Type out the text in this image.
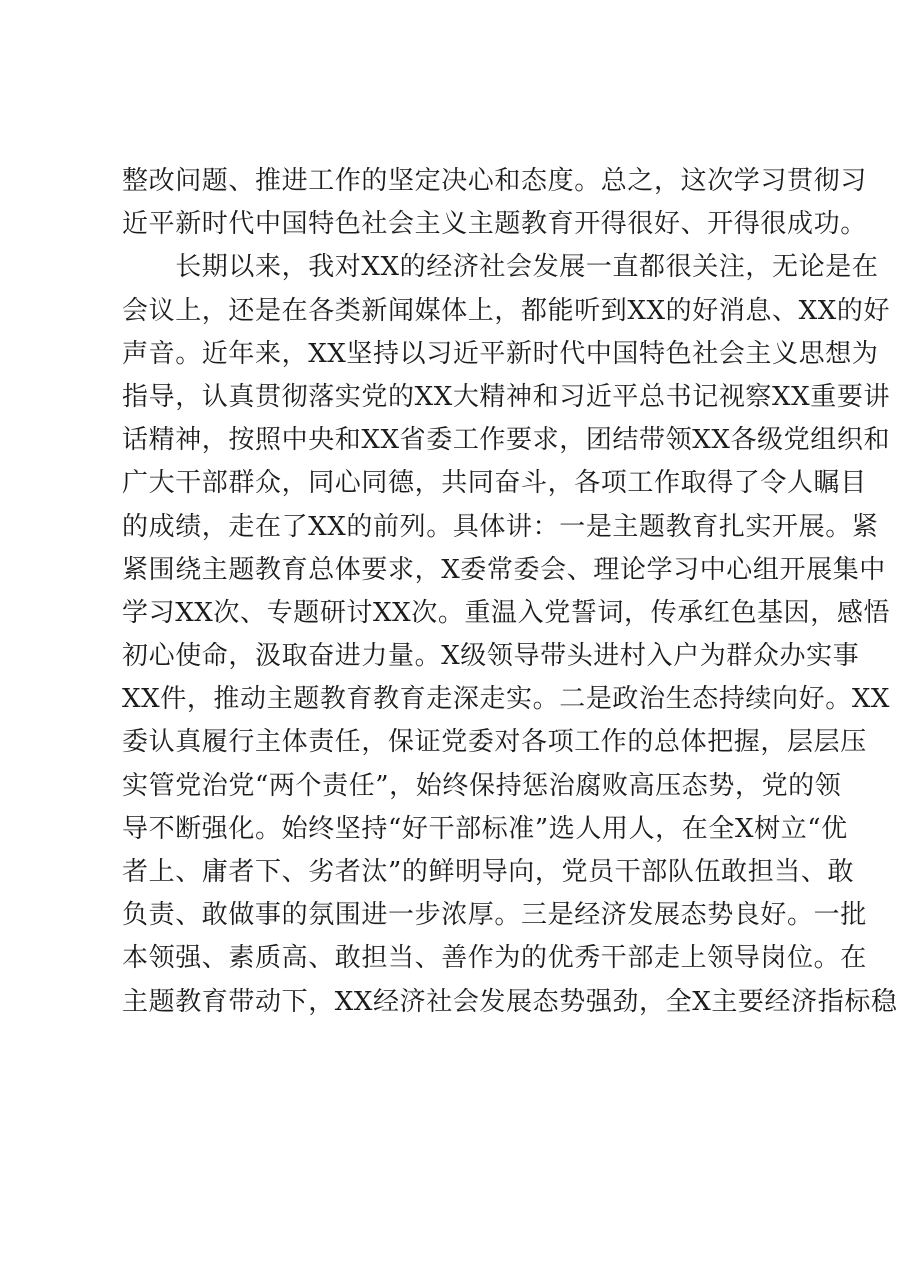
整改问题、推进工作的坚定决心和态度。总之，这次学习贯彻习
近平新时代中国特色社会主义主题教育开得很好、开得很成功。
　　长期以来，我对XX的经济社会发展一直都很关注，无论是在
会议上，还是在各类新闻媒体上，都能听到XX的好消息、XX的好
声音。近年来，XX坚持以习近平新时代中国特色社会主义思想为
指导，认真贯彻落实党的XX大精神和习近平总书记视察XX重要讲
话精神，按照中央和XX省委工作要求，团结带领XX各级党组织和
广大干部群众，同心同德，共同奋斗，各项工作取得了令人瞩目
的成绩，走在了XX的前列。具体讲：一是主题教育扎实开展。紧
紧围绕主题教育总体要求，X委常委会、理论学习中心组开展集中
学习XX次、专题研讨XX次。重温入党誓词，传承红色基因，感悟
初心使命，汲取奋进力量。X级领导带头进村入户为群众办实事
XX件，推动主题教育教育走深走实。二是政治生态持续向好。XX
委认真履行主体责任，保证党委对各项工作的总体把握，层层压
实管党治党“两个责任”，始终保持惩治腐败高压态势，党的领
导不断强化。始终坚持“好干部标准”选人用人，在全X树立“优
者上、庸者下、劣者汰”的鲜明导向，党员干部队伍敢担当、敢
负责、敢做事的氛围进一步浓厚。三是经济发展态势良好。一批
本领强、素质高、敢担当、善作为的优秀干部走上领导岗位。在
主题教育带动下，XX经济社会发展态势强劲，全X主要经济指标稳
